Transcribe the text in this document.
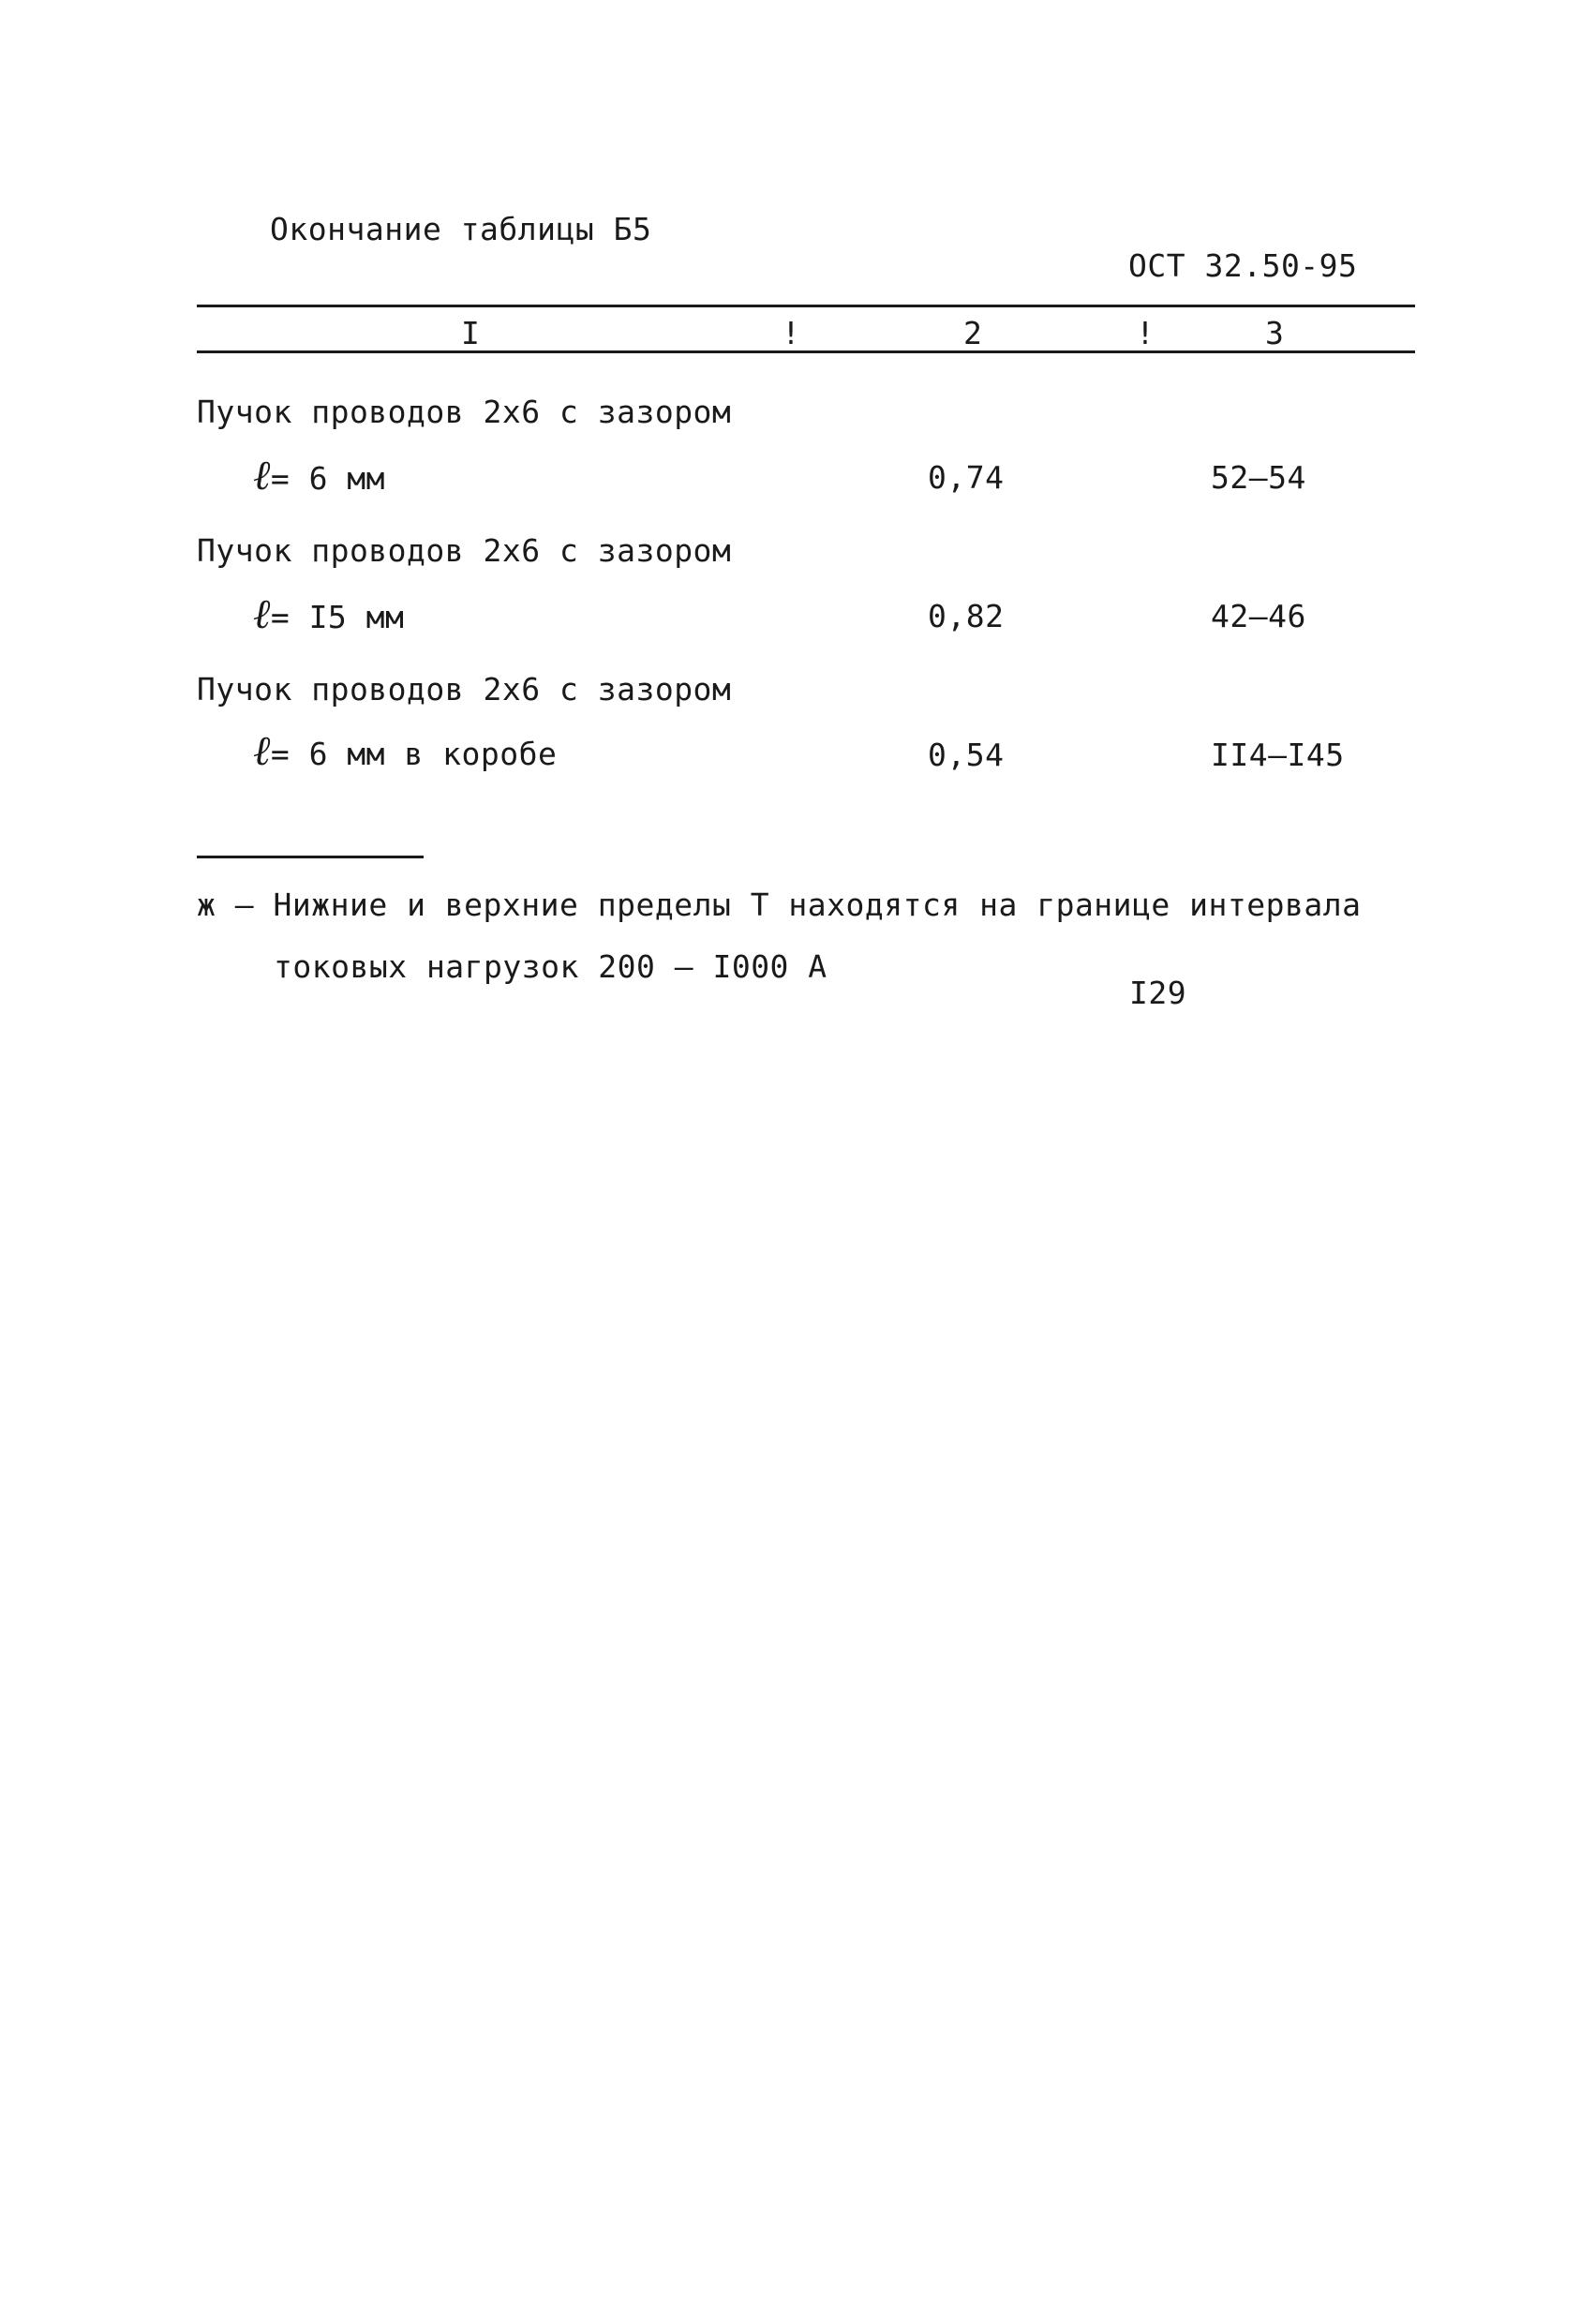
Окончание таблицы Б5
ОСТ 32.50-95
I	!	2	!	3
Пучок проводов 2х6 с зазором
ℓ= 6 мм	0,74	52–54
Пучок проводов 2х6 с зазором
ℓ= I5 мм	0,82	42–46
Пучок проводов 2х6 с зазором
ℓ= 6 мм в коробе	0,54	II4–I45
ж – Нижние и верхние пределы Т находятся на границе интервала
токовых нагрузок 200 – I000 А
I29
